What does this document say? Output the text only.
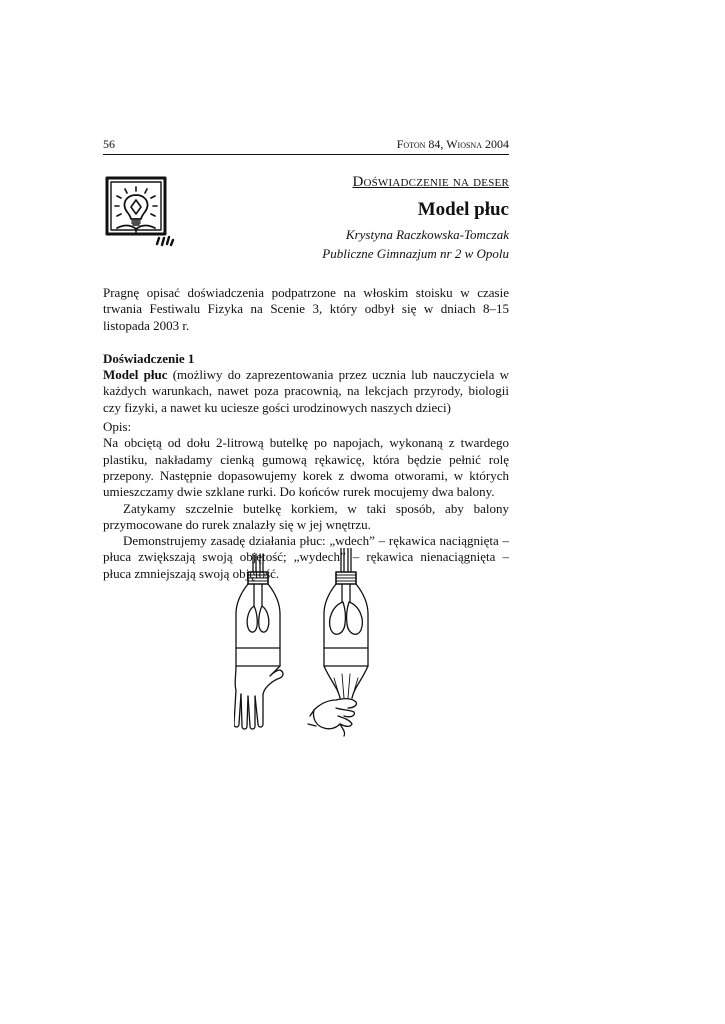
56	Foton 84, Wiosna 2004
Doświadczenie na deser
Model płuc
Krystyna Raczkowska-Tomczak
Publiczne Gimnazjum nr 2 w Opolu

Pragnę opisać doświadczenia podpatrzone na włoskim stoisku w czasie trwania Festiwalu Fizyka na Scenie 3, który odbył się w dniach 8–15 listopada 2003 r.

Doświadczenie 1

Model płuc (możliwy do zaprezentowania przez ucznia lub nauczyciela w każdych warunkach, nawet poza pracownią, na lekcjach przyrody, biologii czy fizyki, a nawet ku uciesze gości urodzinowych naszych dzieci)

Opis:

Na obciętą od dołu 2-litrową butelkę po napojach, wykonaną z twardego plastiku, nakładamy cienką gumową rękawicę, która będzie pełnić rolę przepony. Następnie dopasowujemy korek z dwoma otworami, w których umieszczamy dwie szklane rurki. Do końców rurek mocujemy dwa balony.

Zatykamy szczelnie butelkę korkiem, w taki sposób, aby balony przymocowane do rurek znalazły się w jej wnętrzu.

Demonstrujemy zasadę działania płuc: „wdech” – rękawica naciągnięta – płuca zwiększają swoją objętość; „wydech” – rękawica nienaciągnięta – płuca zmniejszają swoją objętość.
